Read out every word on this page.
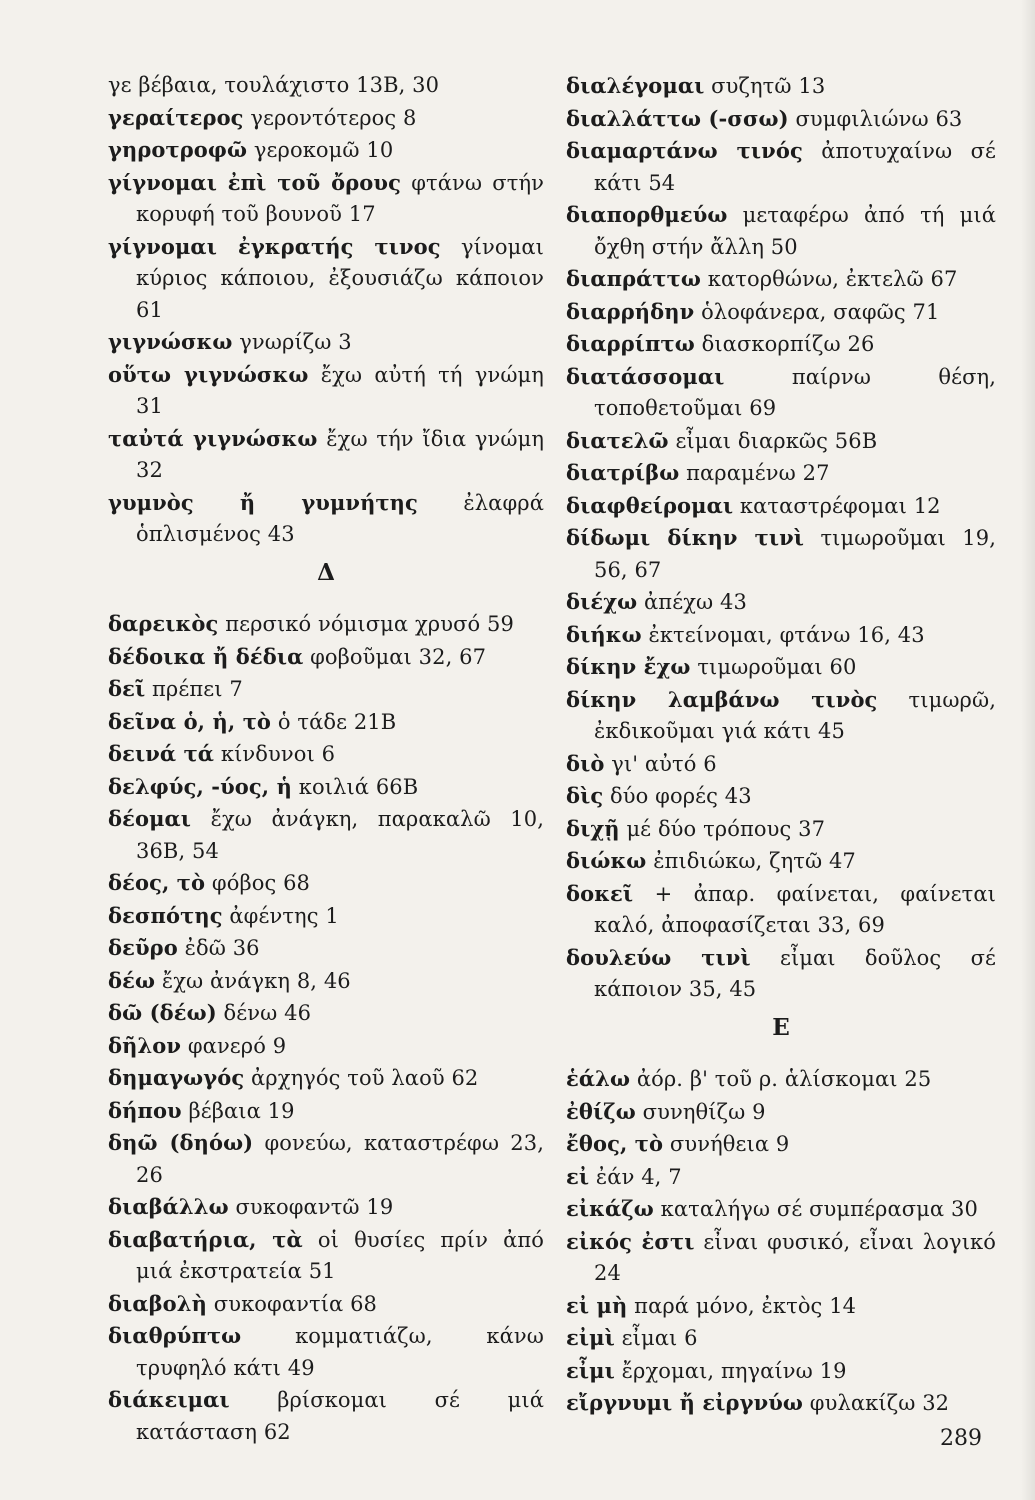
γε βέβαια, τουλάχιστο 13Β, 30
γεραίτερος γεροντότερος 8
γηροτροφῶ γεροκομῶ 10
γίγνομαι ἐπὶ τοῦ ὄρους φτάνω στήν κορυφή τοῦ βουνοῦ 17
γίγνομαι ἐγκρατής τινος γίνομαι κύριος κάποιου, ἐξουσιάζω κάποιον 61
γιγνώσκω γνωρίζω 3
οὕτω γιγνώσκω ἔχω αὐτή τή γνώμη 31
ταὐτά γιγνώσκω ἔχω τήν ἴδια γνώμη 32
γυμνὸς ἤ γυμνήτης ἐλαφρά ὁπλισμένος 43
Δ
δαρεικὸς περσικό νόμισμα χρυσό 59
δέδοικα ἤ δέδια φοβοῦμαι 32, 67
δεῖ πρέπει 7
δεῖνα ὁ, ἡ, τὸ ὁ τάδε 21Β
δεινά τά κίνδυνοι 6
δελφύς, -ύος, ἡ κοιλιά 66Β
δέομαι ἔχω ἀνάγκη, παρακαλῶ 10, 36Β, 54
δέος, τὸ φόβος 68
δεσπότης ἀφέντης 1
δεῦρο ἐδῶ 36
δέω ἔχω ἀνάγκη 8, 46
δῶ (δέω) δένω 46
δῆλον φανερό 9
δημαγωγός ἀρχηγός τοῦ λαοῦ 62
δήπου βέβαια 19
δηῶ (δηόω) φονεύω, καταστρέφω 23, 26
διαβάλλω συκοφαντῶ 19
διαβατήρια, τὰ οἱ θυσίες πρίν ἀπό μιά ἐκστρατεία 51
διαβολὴ συκοφαντία 68
διαθρύπτω	κομματιάζω, κάνω τρυφηλό κάτι 49
διάκειμαι βρίσκομαι σέ μιά κατάσταση 62
διαλέγομαι συζητῶ 13
διαλλάττω (-σσω) συμφιλιώνω 63
διαμαρτάνω τινός ἀποτυχαίνω σέ κάτι 54
διαπορθμεύω μεταφέρω ἀπό τή μιά ὄχθη στήν ἄλλη 50
διαπράττω κατορθώνω, ἐκτελῶ 67
διαρρήδην ὁλοφάνερα, σαφῶς 71
διαρρίπτω διασκορπίζω 26
διατάσσομαι	παίρνω θέση, τοποθετοῦμαι 69
διατελῶ εἶμαι διαρκῶς 56Β
διατρίβω παραμένω 27
διαφθείρομαι καταστρέφομαι 12
δίδωμι δίκην τινὶ τιμωροῦμαι 19, 56, 67
διέχω ἀπέχω 43
διήκω ἐκτείνομαι, φτάνω 16, 43
δίκην ἔχω τιμωροῦμαι 60
δίκην λαμβάνω τινὸς τιμωρῶ, ἐκδικοῦμαι γιά κάτι 45
διὸ γι' αὐτό 6
δὶς δύο φορές 43
διχῇ μέ δύο τρόπους 37
διώκω ἐπιδιώκω, ζητῶ 47
δοκεῖ + ἀπαρ. φαίνεται, φαίνεται καλό, ἀποφασίζεται 33, 69
δουλεύω τινὶ εἶμαι δοῦλος σέ κάποιον 35, 45
Ε
ἑάλω ἀόρ. β' τοῦ ρ. ἁλίσκομαι 25
ἐθίζω συνηθίζω 9
ἔθος, τὸ συνήθεια 9
εἰ ἐάν 4, 7
εἰκάζω καταλήγω σέ συμπέρασμα 30
εἰκός ἐστι εἶναι φυσικό, εἶναι λογικό 24
εἰ μὴ παρά μόνο, ἐκτὸς 14
εἰμὶ εἶμαι 6
εἶμι ἔρχομαι, πηγαίνω 19
εἴργνυμι ἤ εἰργνύω φυλακίζω 32
289
